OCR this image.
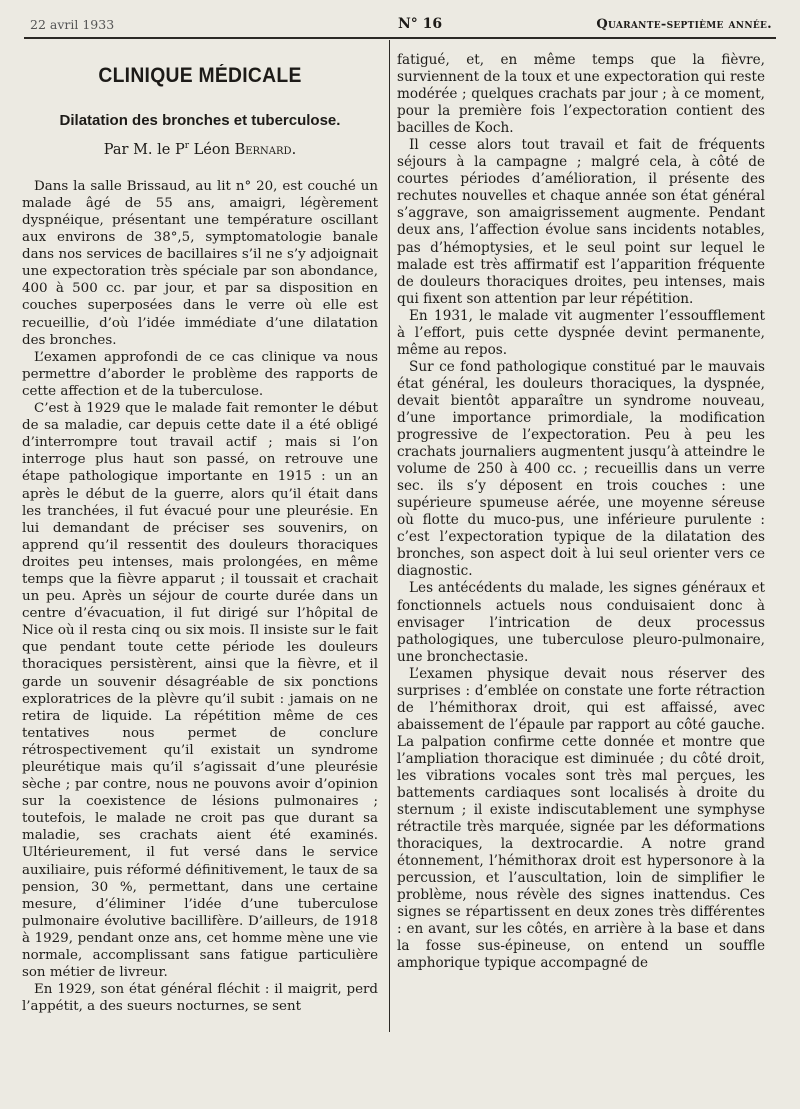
22 avril 1933	N° 16	Quarante-septième année.
CLINIQUE MÉDICALE
Dilatation des bronches et tuberculose.
Par M. le $P^r$ Léon Bernard.

Dans la salle Brissaud, au lit n° 20, est couché un malade âgé de 55 ans, amaigri, légèrement dyspnéique, présentant une température oscillant aux environs de 38°,5, symptomatologie banale dans nos services de bacillaires s’il ne s’y adjoignait une expectoration très spéciale par son abondance, 400 à 500 cc. par jour, et par sa disposition en couches superposées dans le verre où elle est recueillie, d’où l’idée immédiate d’une dilatation des bronches.

L’examen approfondi de ce cas clinique va nous permettre d’aborder le problème des rapports de cette affection et de la tuberculose.

C’est à 1929 que le malade fait remonter le début de sa maladie, car depuis cette date il a été obligé d’interrompre tout travail actif ; mais si l’on interroge plus haut son passé, on retrouve une étape pathologique importante en 1915 : un an après le début de la guerre, alors qu’il était dans les tranchées, il fut évacué pour une pleurésie. En lui demandant de préciser ses souvenirs, on apprend qu’il ressentit des douleurs thoraciques droites peu intenses, mais prolongées, en même temps que la fièvre apparut ; il toussait et crachait un peu. Après un séjour de courte durée dans un centre d’évacuation, il fut dirigé sur l’hôpital de Nice où il resta cinq ou six mois. Il insiste sur le fait que pendant toute cette période les douleurs thoraciques persistèrent, ainsi que la fièvre, et il garde un souvenir désagréable de six ponctions exploratrices de la plèvre qu’il subit : jamais on ne retira de liquide. La répétition même de ces tentatives nous permet de conclure rétrospectivement qu’il existait un syndrome pleurétique mais qu’il s’agissait d’une pleurésie sèche ; par contre, nous ne pouvons avoir d’opinion sur la coexistence de lésions pulmonaires ; toutefois, le malade ne croit pas que durant sa maladie, ses crachats aient été examinés. Ultérieurement, il fut versé dans le service auxiliaire, puis réformé définitivement, le taux de sa pension, 30 %, permettant, dans une certaine mesure, d’éliminer l’idée d’une tuberculose pulmonaire évolutive bacillifère. D’ailleurs, de 1918 à 1929, pendant onze ans, cet homme mène une vie normale, accomplissant sans fatigue particulière son métier de livreur.

En 1929, son état général fléchit : il maigrit, perd l’appétit, a des sueurs nocturnes, se sent

fatigué, et, en même temps que la fièvre, surviennent de la toux et une expectoration qui reste modérée ; quelques crachats par jour ; à ce moment, pour la première fois l’expectoration contient des bacilles de Koch.

Il cesse alors tout travail et fait de fréquents séjours à la campagne ; malgré cela, à côté de courtes périodes d’amélioration, il présente des rechutes nouvelles et chaque année son état général s’aggrave, son amaigrissement augmente. Pendant deux ans, l’affection évolue sans incidents notables, pas d’hémoptysies, et le seul point sur lequel le malade est très affirmatif est l’apparition fréquente de douleurs thoraciques droites, peu intenses, mais qui fixent son attention par leur répétition.

En 1931, le malade vit augmenter l’essoufflement à l’effort, puis cette dyspnée devint permanente, même au repos.

Sur ce fond pathologique constitué par le mauvais état général, les douleurs thoraciques, la dyspnée, devait bientôt apparaître un syndrome nouveau, d’une importance primordiale, la modification progressive de l’expectoration. Peu à peu les crachats journaliers augmentent jusqu’à atteindre le volume de 250 à 400 cc. ; recueillis dans un verre sec. ils s’y déposent en trois couches : une supérieure spumeuse aérée, une moyenne séreuse où flotte du muco-pus, une inférieure purulente : c’est l’expectoration typique de la dilatation des bronches, son aspect doit à lui seul orienter vers ce diagnostic.

Les antécédents du malade, les signes généraux et fonctionnels actuels nous conduisaient donc à envisager l’intrication de deux processus pathologiques, une tuberculose pleuro-pulmonaire, une bronchectasie.

L’examen physique devait nous réserver des surprises : d’emblée on constate une forte rétraction de l’hémithorax droit, qui est affaissé, avec abaissement de l’épaule par rapport au côté gauche. La palpation confirme cette donnée et montre que l’ampliation thoracique est diminuée ; du côté droit, les vibrations vocales sont très mal perçues, les battements cardiaques sont localisés à droite du sternum ; il existe indiscutablement une symphyse rétractile très marquée, signée par les déformations thoraciques, la dextrocardie. A notre grand étonnement, l’hémithorax droit est hypersonore à la percussion, et l’auscultation, loin de simplifier le problème, nous révèle des signes inattendus. Ces signes se répartissent en deux zones très différentes : en avant, sur les côtés, en arrière à la base et dans la fosse sus-épineuse, on entend un souffle amphorique typique accompagné de
